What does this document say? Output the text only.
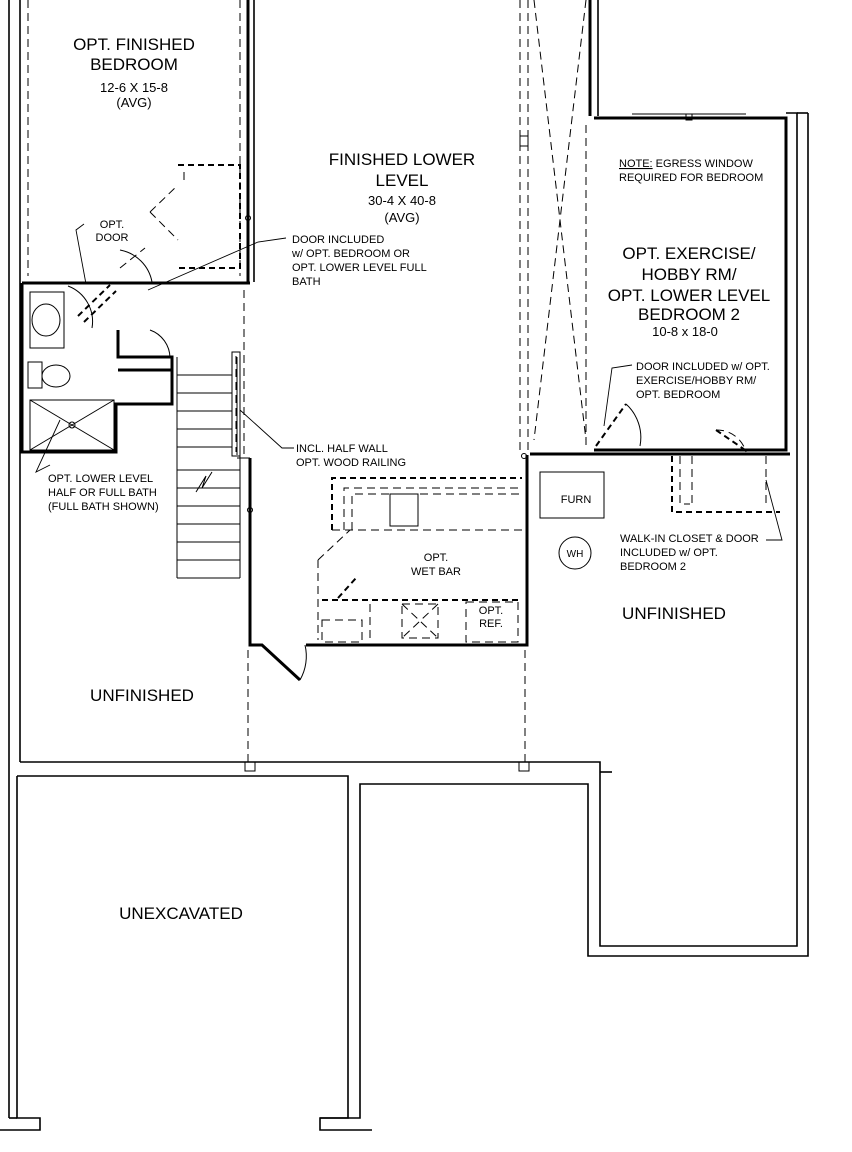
OPT. FINISHED
BEDROOM
12-6 X 15-8
(AVG)
FINISHED LOWER
LEVEL
30-4 X 40-8
(AVG)
OPT. EXERCISE/
HOBBY RM/
OPT. LOWER LEVEL
BEDROOM 2
10-8 x 18-0
UNFINISHED
UNFINISHED
UNEXCAVATED
FURN
WH
OPT.
WET BAR
OPT.
REF.
OPT.
DOOR	DOOR INCLUDED
w/ OPT. BEDROOM OR
OPT. LOWER LEVEL FULL
BATH
NOTE: EGRESS WINDOW
REQUIRED FOR BEDROOM
DOOR INCLUDED w/ OPT.
EXERCISE/HOBBY RM/
OPT. BEDROOM
INCL. HALF WALL
OPT. WOOD RAILING
OPT. LOWER LEVEL
HALF OR FULL BATH
(FULL BATH SHOWN)
WALK-IN CLOSET & DOOR
INCLUDED w/ OPT.
BEDROOM 2
